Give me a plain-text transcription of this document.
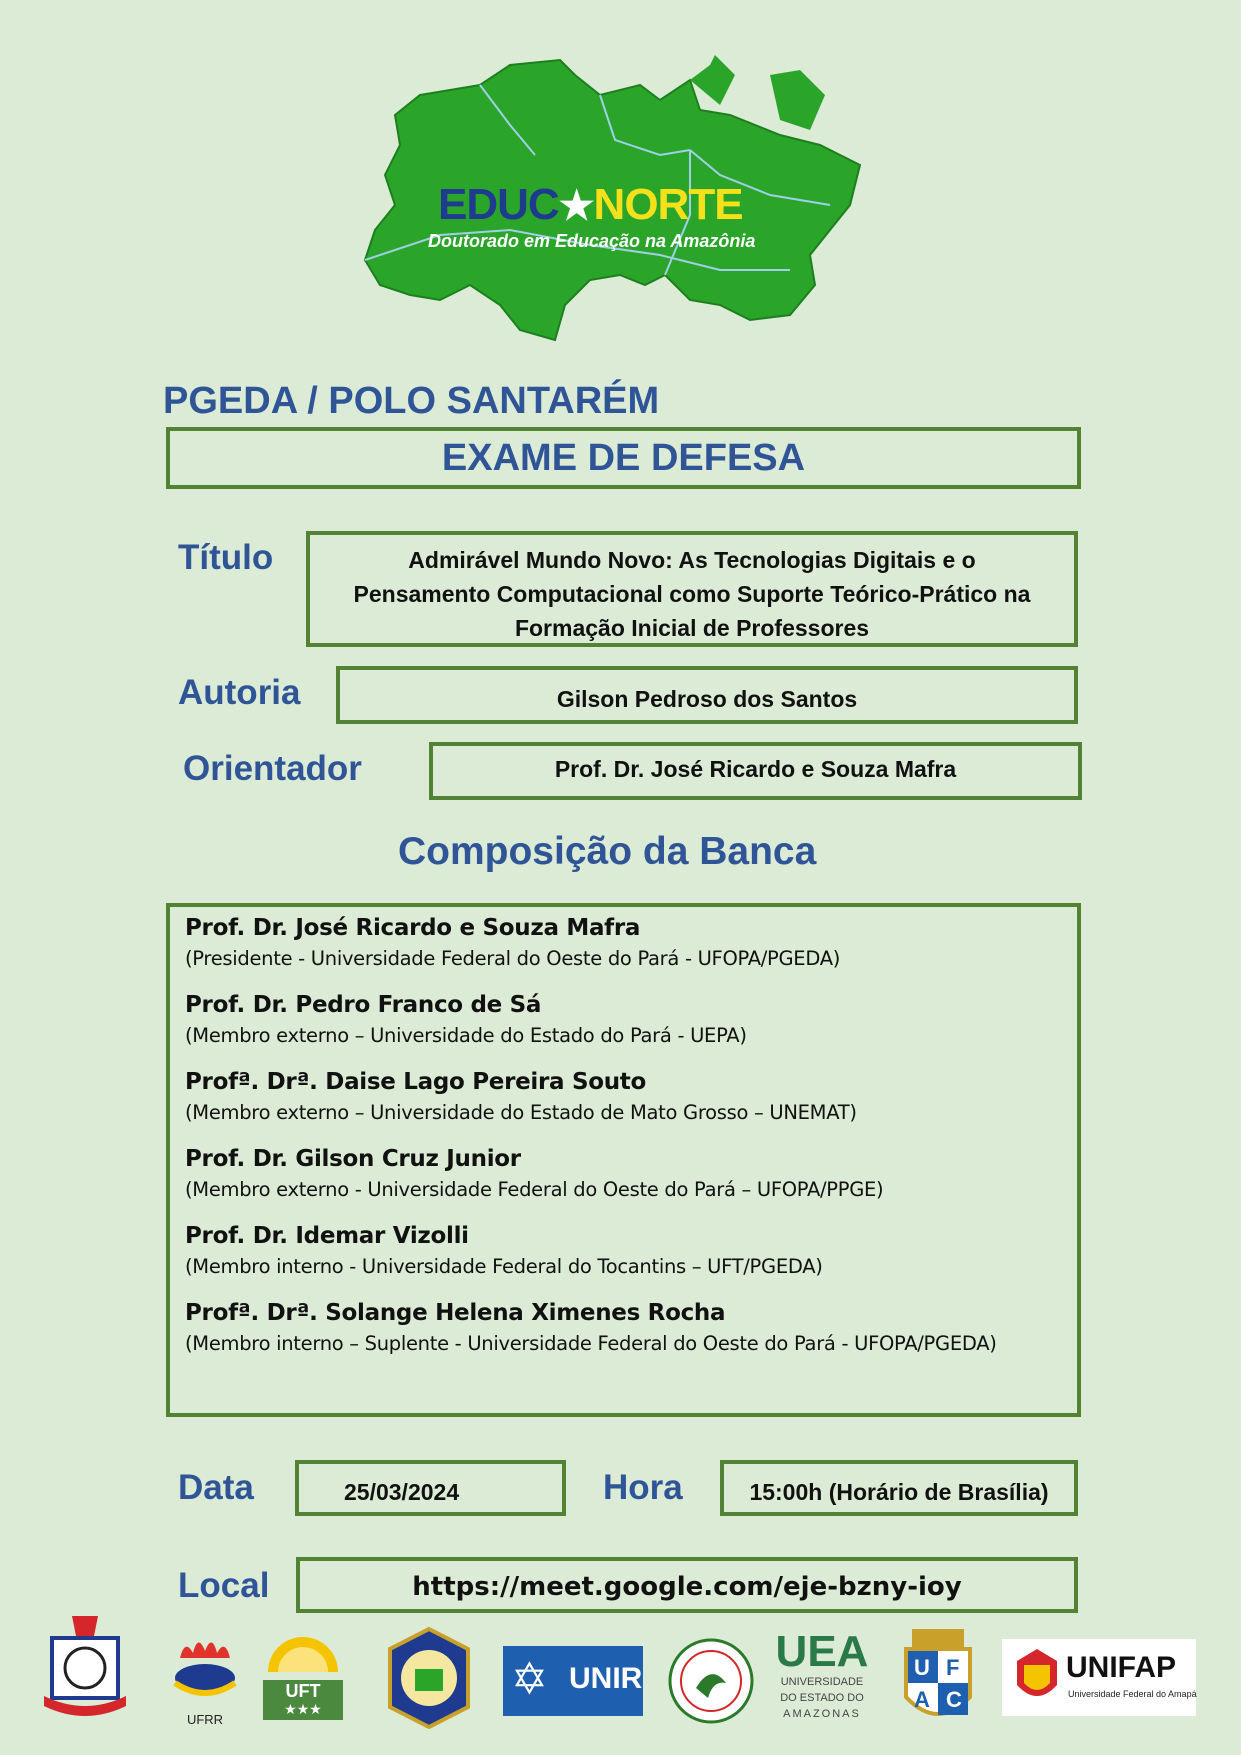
EDUC★NORTE
Doutorado em Educação na Amazônia
PGEDA / POLO SANTARÉM
EXAME DE DEFESA
Título	Admirável Mundo Novo: As Tecnologias Digitais e o
Pensamento Computacional como Suporte Teórico-Prático na
Formação Inicial de Professores
Autoria	Gilson Pedroso dos Santos
Orientador	Prof. Dr. José Ricardo e Souza Mafra
Composição da Banca
Prof. Dr. José Ricardo e Souza Mafra
(Presidente - Universidade Federal do Oeste do Pará - UFOPA/PGEDA)
Prof. Dr. Pedro Franco de Sá
(Membro externo – Universidade do Estado do Pará - UEPA)
Profª. Drª. Daise Lago Pereira Souto
(Membro externo – Universidade do Estado de Mato Grosso – UNEMAT)
Prof. Dr. Gilson Cruz Junior
(Membro externo - Universidade Federal do Oeste do Pará – UFOPA/PPGE)
Prof. Dr. Idemar Vizolli
(Membro interno - Universidade Federal do Tocantins – UFT/PGEDA)
Profª. Drª. Solange Helena Ximenes Rocha
(Membro interno – Suplente - Universidade Federal do Oeste do Pará - UFOPA/PGEDA)
Data	25/03/2024	Hora	15:00h (Horário de Brasília)
Local	https://meet.google.com/eje-bzny-ioy
UFRR
UFT
★★★
✡ UNIR
UEA
UNIVERSIDADE
DO ESTADO DO
AMAZONAS
U F
A C
UNIFAP
Universidade Federal do Amapá
